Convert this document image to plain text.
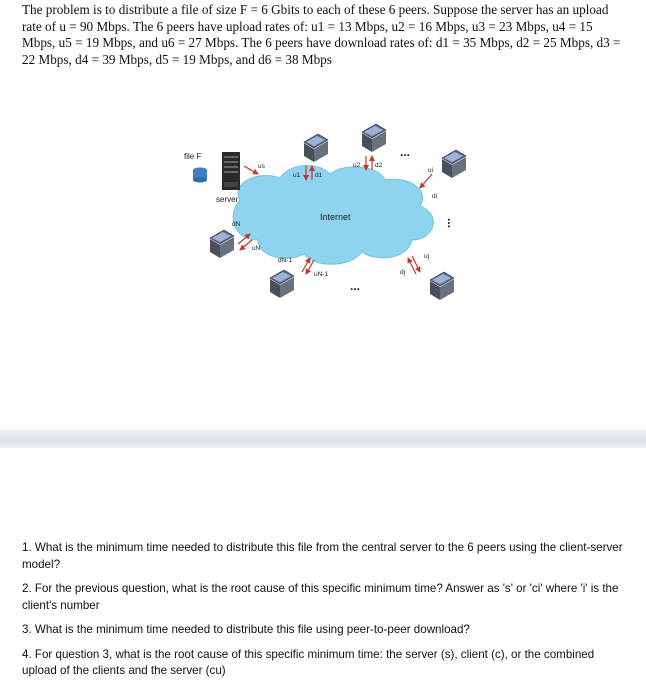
The problem is to distribute a file of size F = 6 Gbits to each of these 6 peers. Suppose the server has an upload rate of u = 90 Mbps. The 6 peers have upload rates of: u1 = 13 Mbps, u2 = 16 Mbps, u3 = 23 Mbps, u4 = 15 Mbps, u5 = 19 Mbps, and u6 = 27 Mbps. The 6 peers have download rates of: d1 = 35 Mbps, d2 = 25 Mbps, d3 = 22 Mbps, d4 = 39 Mbps, d5 = 19 Mbps, and d6 = 38 Mbps
Internet
file F
server
us
u1 d1
u2 d2
...
ui
di
...
dN
uN
dN-1
uN-1
...
dj
uj

1. What is the minimum time needed to distribute this file from the central server to the 6 peers using the client-server model?

2. For the previous question, what is the root cause of this specific minimum time? Answer as 's' or 'ci' where 'i' is the client's number

3. What is the minimum time needed to distribute this file using peer-to-peer download?

4. For question 3, what is the root cause of this specific minimum time: the server (s), client (c), or the combined upload of the clients and the server (cu)
